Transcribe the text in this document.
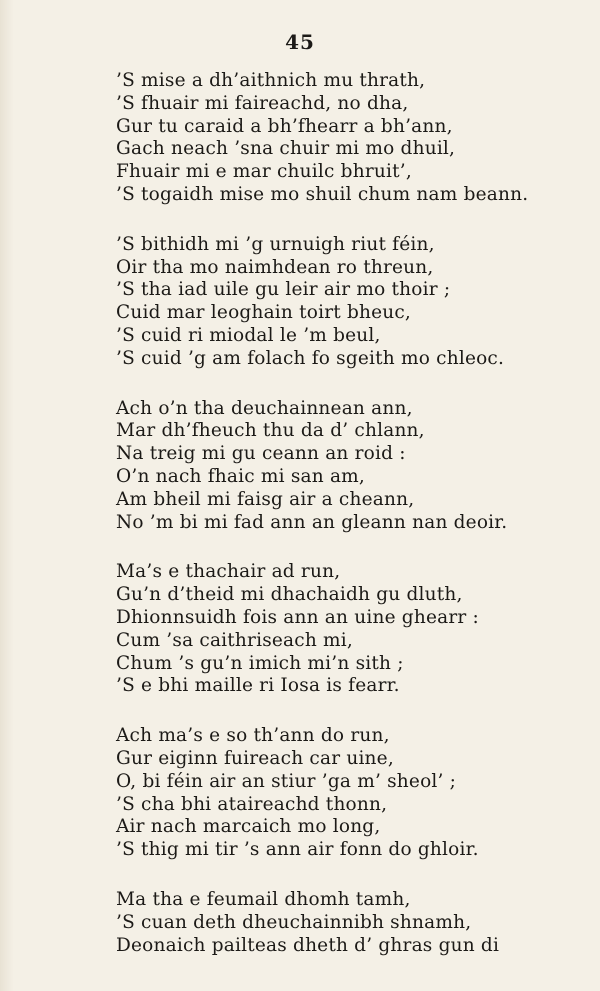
45
’S mise a dh’aithnich mu thrath,
’S fhuair mi faireachd, no dha,
Gur tu caraid a bh’fhearr a bh’ann,
Gach neach ’sna chuir mi mo dhuil,
Fhuair mi e mar chuilc bhruit’,
’S togaidh mise mo shuil chum nam beann.
’S bithidh mi ’g urnuigh riut féin,
Oir tha mo naimhdean ro threun,
’S tha iad uile gu leir air mo thoir ;
Cuid mar leoghain toirt bheuc,
’S cuid ri miodal le ’m beul,
’S cuid ’g am folach fo sgeith mo chleoc.
Ach o’n tha deuchainnean ann,
Mar dh’fheuch thu da d’ chlann,
Na treig mi gu ceann an roid :
O’n nach fhaic mi san am,
Am bheil mi faisg air a cheann,
No ’m bi mi fad ann an gleann nan deoir.
Ma’s e thachair ad run,
Gu’n d’theid mi dhachaidh gu dluth,
Dhionnsuidh fois ann an uine ghearr :
Cum ’sa caithriseach mi,
Chum ’s gu’n imich mi’n sith ;
’S e bhi maille ri Iosa is fearr.
Ach ma’s e so th’ann do run,
Gur eiginn fuireach car uine,
O, bi féin air an stiur ’ga m’ sheol’ ;
’S cha bhi ataireachd thonn,
Air nach marcaich mo long,
’S thig mi tir ’s ann air fonn do ghloir.
Ma tha e feumail dhomh tamh,
’S cuan deth dheuchainnibh shnamh,
Deonaich pailteas dheth d’ ghras gun di
